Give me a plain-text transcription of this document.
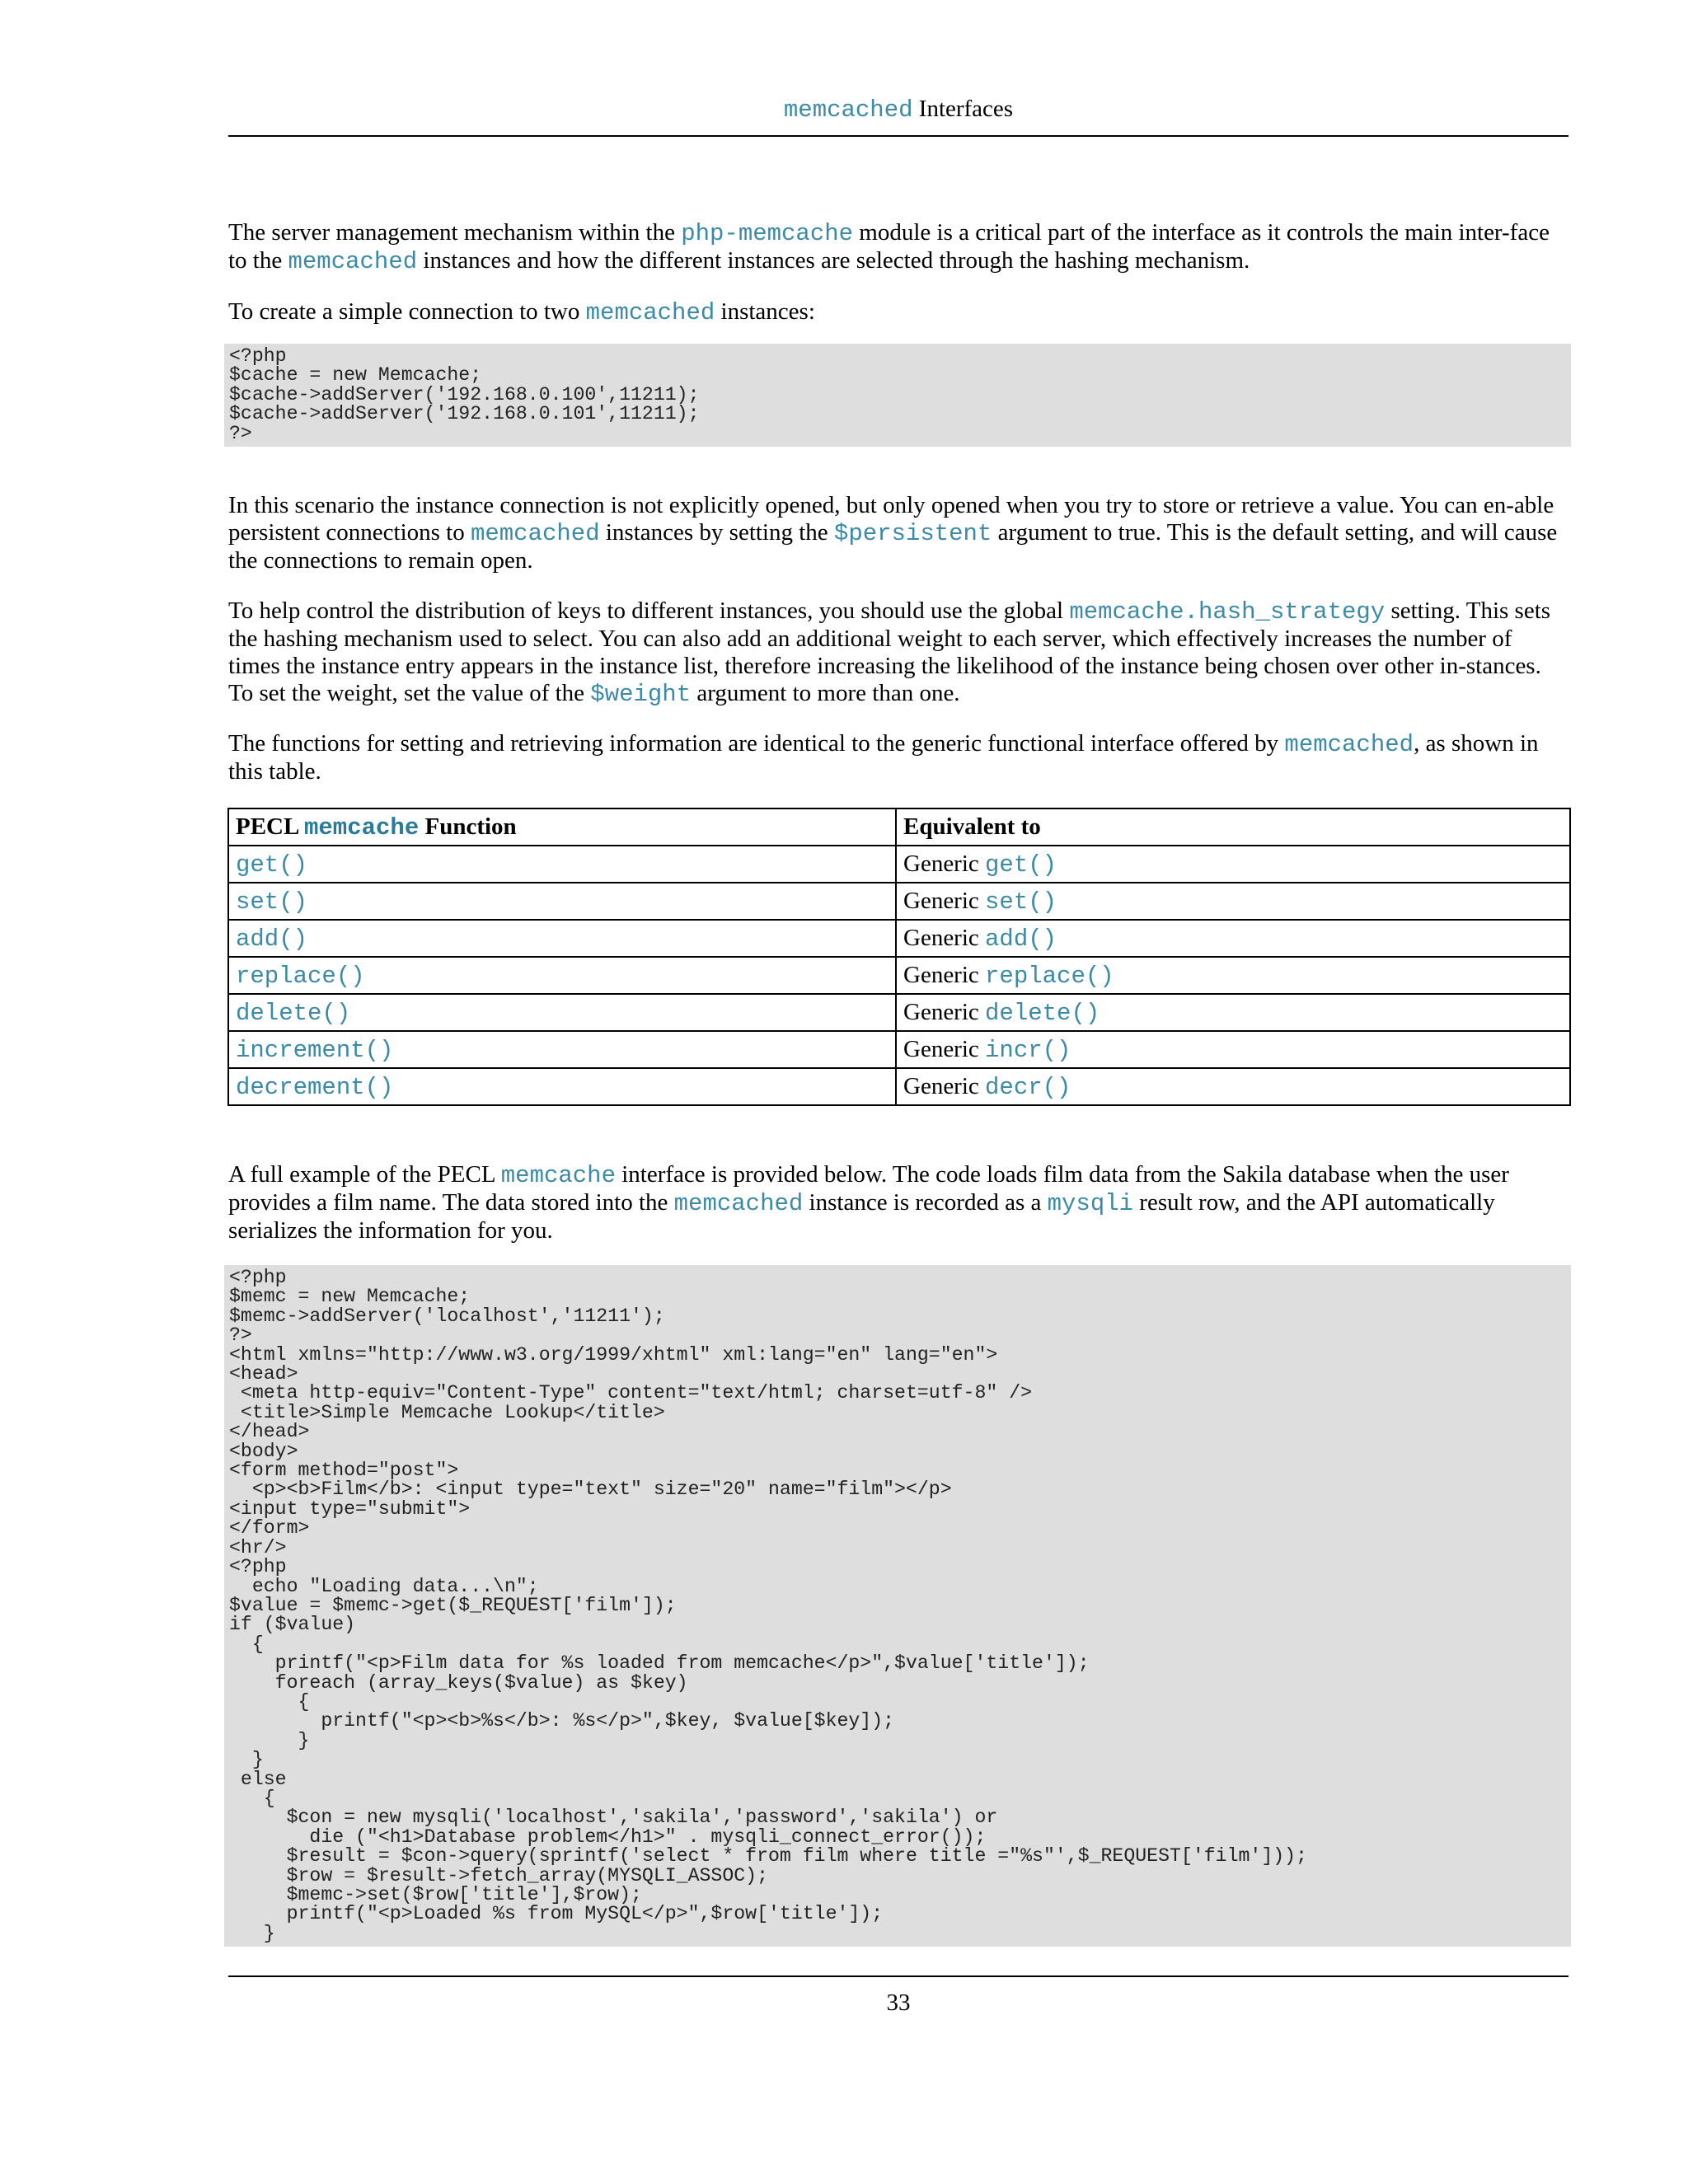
memcached Interfaces

The server management mechanism within the php-memcache module is a critical part of the interface as it controls the main inter-face to the memcached instances and how the different instances are selected through the hashing mechanism.

To create a simple connection to two memcached instances:

<?php
$cache = new Memcache;
$cache->addServer('192.168.0.100',11211);
$cache->addServer('192.168.0.101',11211);
?>

In this scenario the instance connection is not explicitly opened, but only opened when you try to store or retrieve a value. You can en-able persistent connections to memcached instances by setting the $persistent argument to true. This is the default setting, and will cause the connections to remain open.

To help control the distribution of keys to different instances, you should use the global memcache.hash_strategy setting. This sets the hashing mechanism used to select. You can also add an additional weight to each server, which effectively increases the number of times the instance entry appears in the instance list, therefore increasing the likelihood of the instance being chosen over other in-stances. To set the weight, set the value of the $weight argument to more than one.

The functions for setting and retrieving information are identical to the generic functional interface offered by memcached, as shown in this table.

PECL memcache Function	Equivalent to
get()	Generic get()
set()	Generic set()
add()	Generic add()
replace()	Generic replace()
delete()	Generic delete()
increment()	Generic incr()
decrement()	Generic decr()

A full example of the PECL memcache interface is provided below. The code loads film data from the Sakila database when the user provides a film name. The data stored into the memcached instance is recorded as a mysqli result row, and the API automatically serializes the information for you.

<?php
$memc = new Memcache;
$memc->addServer('localhost','11211');
?>
<html xmlns="http://www.w3.org/1999/xhtml" xml:lang="en" lang="en">
<head>
<meta http-equiv="Content-Type" content="text/html; charset=utf-8" />
<title>Simple Memcache Lookup</title>
</head>
<body>
<form method="post">
<p><b>Film</b>: <input type="text" size="20" name="film"></p>
<input type="submit">
</form>
<hr/>
<?php
echo "Loading data...\n";
$value = $memc->get($_REQUEST['film']);
if ($value)
{
printf("<p>Film data for %s loaded from memcache</p>",$value['title']);
foreach (array_keys($value) as $key)
{
printf("<p><b>%s</b>: %s</p>",$key, $value[$key]);
}
}
else
{
$con = new mysqli('localhost','sakila','password','sakila') or
die ("<h1>Database problem</h1>" . mysqli_connect_error());
$result = $con->query(sprintf('select * from film where title ="%s"',$_REQUEST['film']));
$row = $result->fetch_array(MYSQLI_ASSOC);
$memc->set($row['title'],$row);
printf("<p>Loaded %s from MySQL</p>",$row['title']);
}
33
